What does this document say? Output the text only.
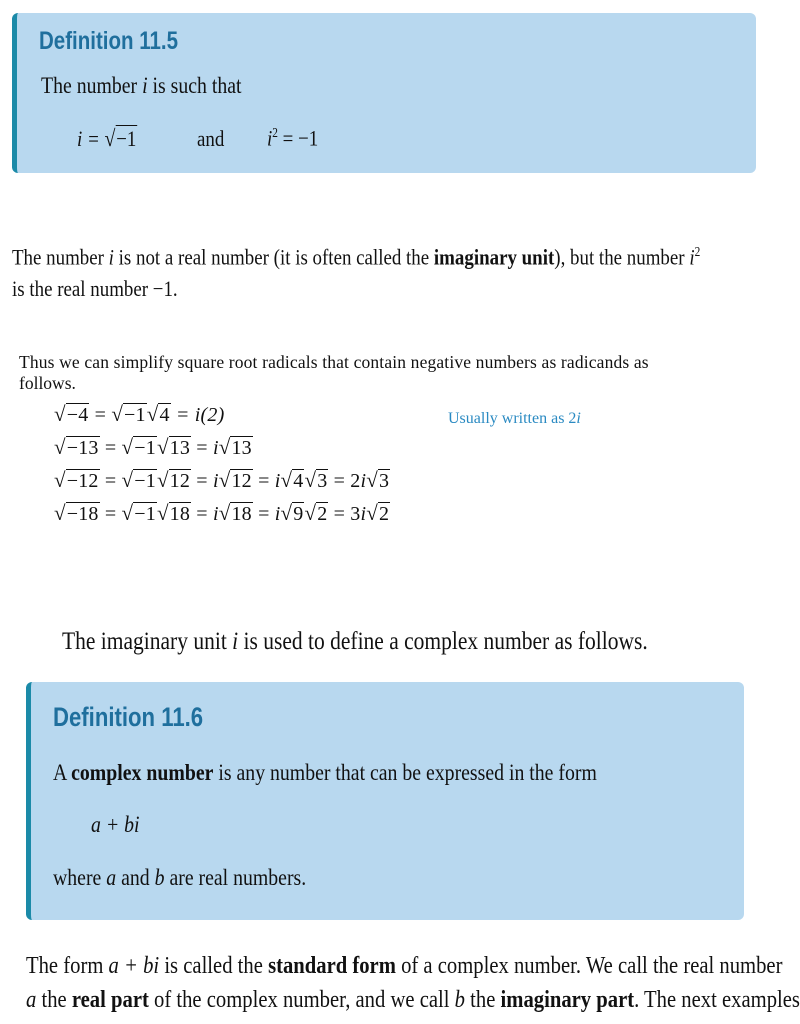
Definition 11.5
The number i is such that
i = √−1	and $i^2 = -1$
The number i is not a real number (it is often called the imaginary unit), but the number $i^2$
is the real number −1.
Thus we can simplify square root radicals that contain negative numbers as radicands as
follows.
√−4 = √−1√4 = i(2)	Usually written as 2i
√−13 = √−1√13 = i√13
√−12 = √−1√12 = i√12 = i√4√3 = 2i√3
√−18 = √−1√18 = i√18 = i√9√2 = 3i√2
The imaginary unit i is used to define a complex number as follows.
Definition 11.6
A complex number is any number that can be expressed in the form
a + bi
where a and b are real numbers.
The form a + bi is called the standard form of a complex number. We call the real number
a the real part of the complex number, and we call b the imaginary part. The next examples
